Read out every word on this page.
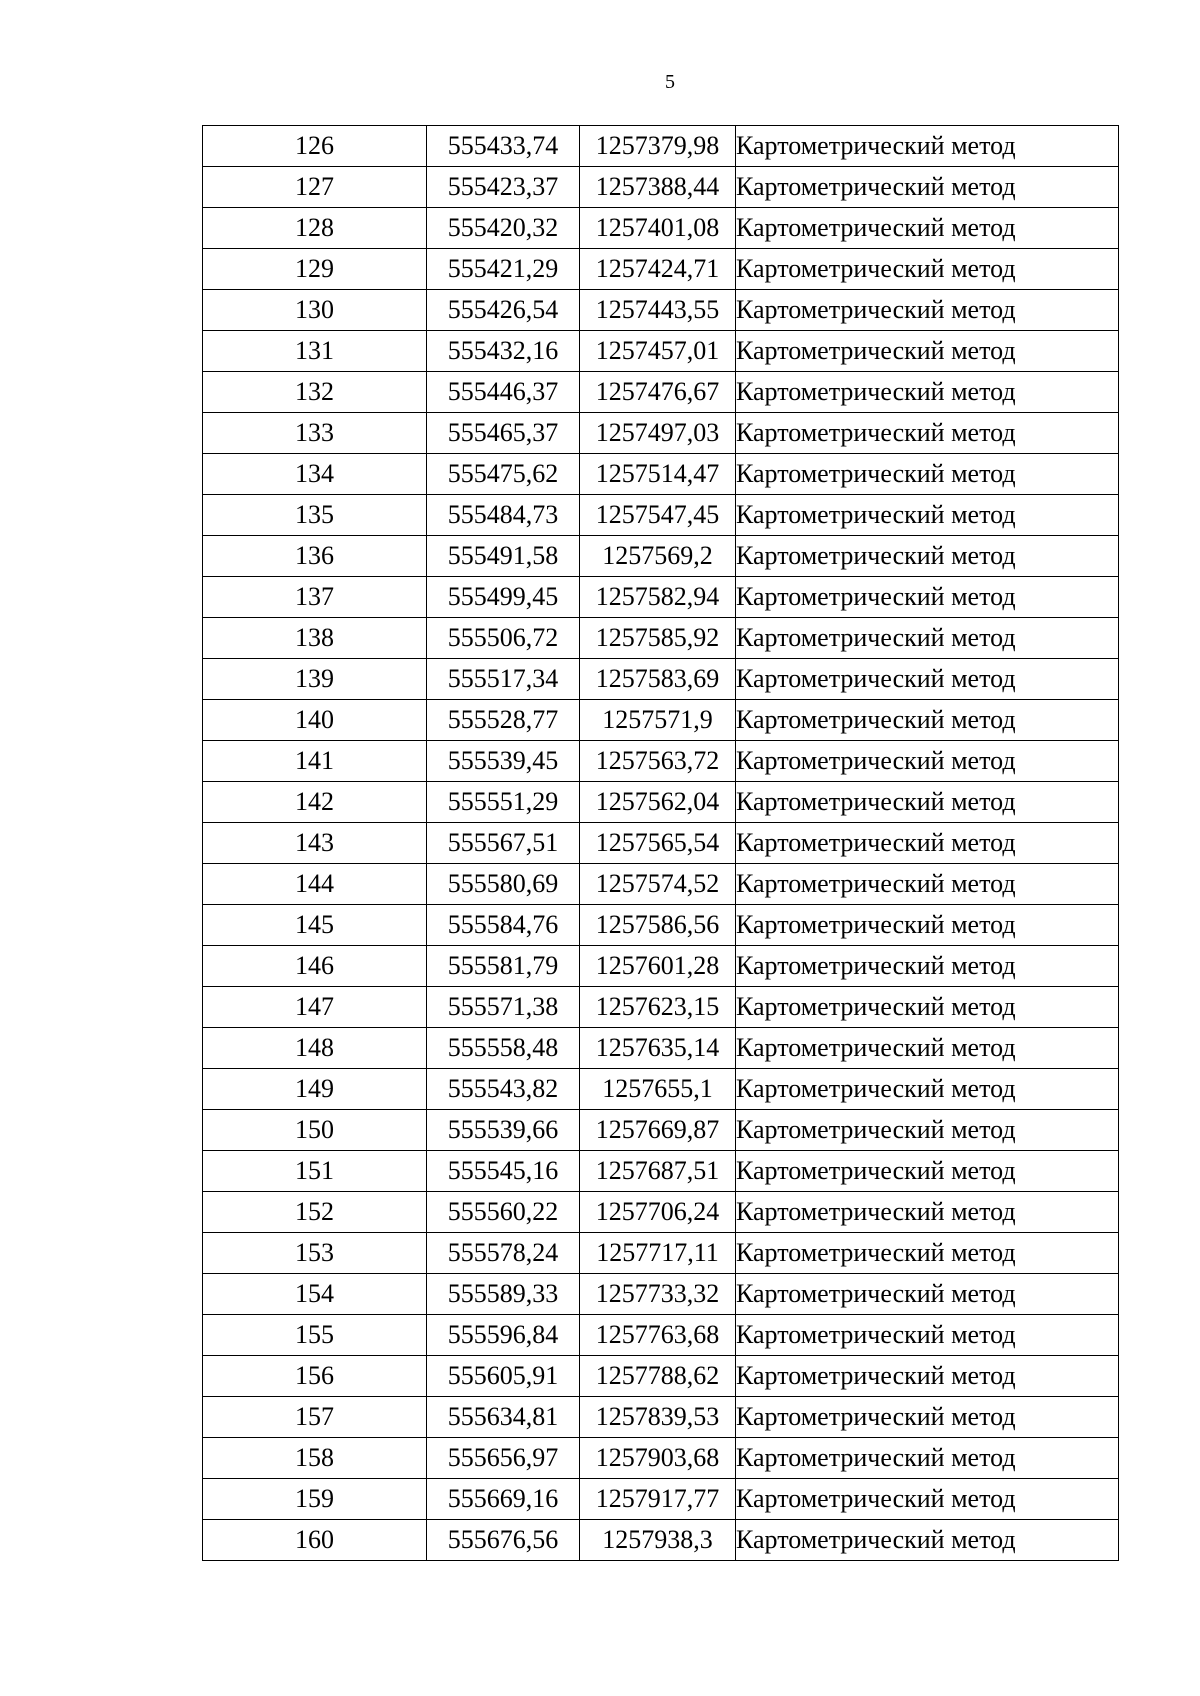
5
126	555433,74	1257379,98	Картометрический метод
127	555423,37	1257388,44	Картометрический метод
128	555420,32	1257401,08	Картометрический метод
129	555421,29	1257424,71	Картометрический метод
130	555426,54	1257443,55	Картометрический метод
131	555432,16	1257457,01	Картометрический метод
132	555446,37	1257476,67	Картометрический метод
133	555465,37	1257497,03	Картометрический метод
134	555475,62	1257514,47	Картометрический метод
135	555484,73	1257547,45	Картометрический метод
136	555491,58	1257569,2	Картометрический метод
137	555499,45	1257582,94	Картометрический метод
138	555506,72	1257585,92	Картометрический метод
139	555517,34	1257583,69	Картометрический метод
140	555528,77	1257571,9	Картометрический метод
141	555539,45	1257563,72	Картометрический метод
142	555551,29	1257562,04	Картометрический метод
143	555567,51	1257565,54	Картометрический метод
144	555580,69	1257574,52	Картометрический метод
145	555584,76	1257586,56	Картометрический метод
146	555581,79	1257601,28	Картометрический метод
147	555571,38	1257623,15	Картометрический метод
148	555558,48	1257635,14	Картометрический метод
149	555543,82	1257655,1	Картометрический метод
150	555539,66	1257669,87	Картометрический метод
151	555545,16	1257687,51	Картометрический метод
152	555560,22	1257706,24	Картометрический метод
153	555578,24	1257717,11	Картометрический метод
154	555589,33	1257733,32	Картометрический метод
155	555596,84	1257763,68	Картометрический метод
156	555605,91	1257788,62	Картометрический метод
157	555634,81	1257839,53	Картометрический метод
158	555656,97	1257903,68	Картометрический метод
159	555669,16	1257917,77	Картометрический метод
160	555676,56	1257938,3	Картометрический метод
